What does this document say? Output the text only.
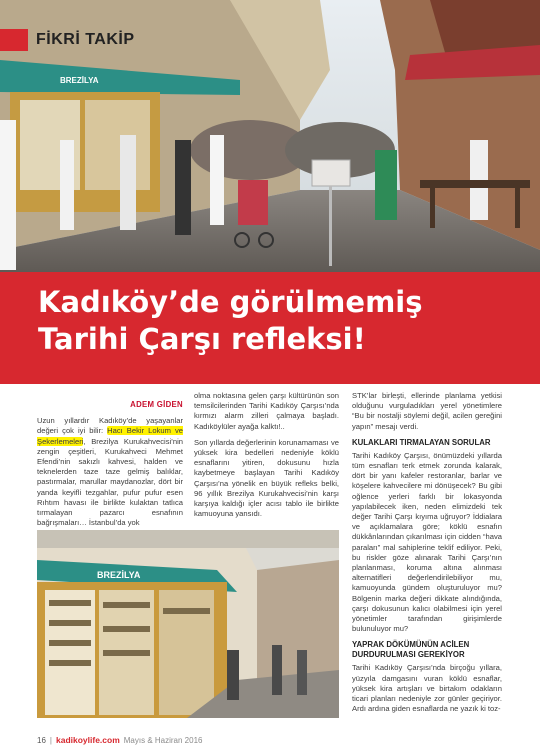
BREZİLYA
FİKRİ TAKİP
Kadıköy’de görülmemiş
Tarihi Çarşı refleksi!
ADEM GİDEN

Uzun yıllardır Kadıköy’de yaşayanlar değeri çok iyi bilir: Hacı Bekir Lokum ve Şekerlemeleri, Brezilya Kurukahvecisi’nin zengin çeşitleri, Kurukahveci Mehmet Efendi’nin sakızlı kahvesi, halden ve teknelerden taze taze gelmiş balıklar, pastırmalar, marullar maydanozlar, dört bir yanda keyifli tezgahlar, pufur pufur esen Rıhtım havası ile birlikte kulaktan tatlıca tırmalayan pazarcı esnafının bağrışmaları… İstanbul’da yok

BREZİLYA

olma noktasına gelen çarşı kültürünün son temsilcilerinden Tarihi Kadıköy Çarşısı’nda kırmızı alarm zilleri çalmaya başladı. Kadıköylüler ayağa kalktı!..

Son yıllarda değerlerinin korunamaması ve yüksek kira bedelleri nedeniyle köklü esnaflarını yitiren, dokusunu hızla kaybetmeye başlayan Tarihi Kadıköy Çarşısı’na yönelik en büyük refleks belki, 96 yıllık Brezilya Kurukahvecisi’nin karşı karşıya kaldığı içler acısı tablo ile birlikte kamuoyuna yansıdı.

STK’lar birleşti, ellerinde planlama yetkisi olduğunu vurguladıkları yerel yönetimlere “Bu bir nostalji söylemi değil, acilen gereğini yapın” mesajı verdi.

KULAKLARI TIRMALAYAN SORULAR

Tarihi Kadıköy Çarşısı, önümüzdeki yıllarda tüm esnafları terk etmek zorunda kalarak, dört bir yanı kafeler restoranlar, barlar ve köşelere kahvecilere mi dönüşecek? Bu gibi oğlence yerleri farklı bir lokasyonda yapılabilecek iken, neden elimizdeki tek değer Tarihi Çarşı kıyıma uğruyor? İddialara ve açıklamalara göre; köklü esnafın dükkânlarından çıkarılması için cidden “hava paraları” mal sahiplerine teklif ediliyor. Peki, bu riskler göze alınarak Tarihi Çarşı’nın planlanması, koruma altına alınması alternatifleri değerlendirilebiliyor mu, kamuoyunda gündem oluşturuluyor mu? Bölgenin marka değeri dikkate alındığında, çarşı dokusunun kalıcı olabilmesi için yerel yönetimler tarafından girişimlerde bulunuluyor mu?

YAPRAK DÖKÜMÜNÜN ACİLEN DURDURULMASI GEREKİYOR

Tarihi Kadıköy Çarşısı’nda birçoğu yıllara, yüzyıla damgasını vuran köklü esnaflar, yüksek kira artışları ve birtakım odakların ticari planları nedeniyle zor günler geçiriyor. Ardı ardına giden esnaflarda ne yazık ki toz-

16 | kadikoylife.com Mayıs & Haziran 2016
